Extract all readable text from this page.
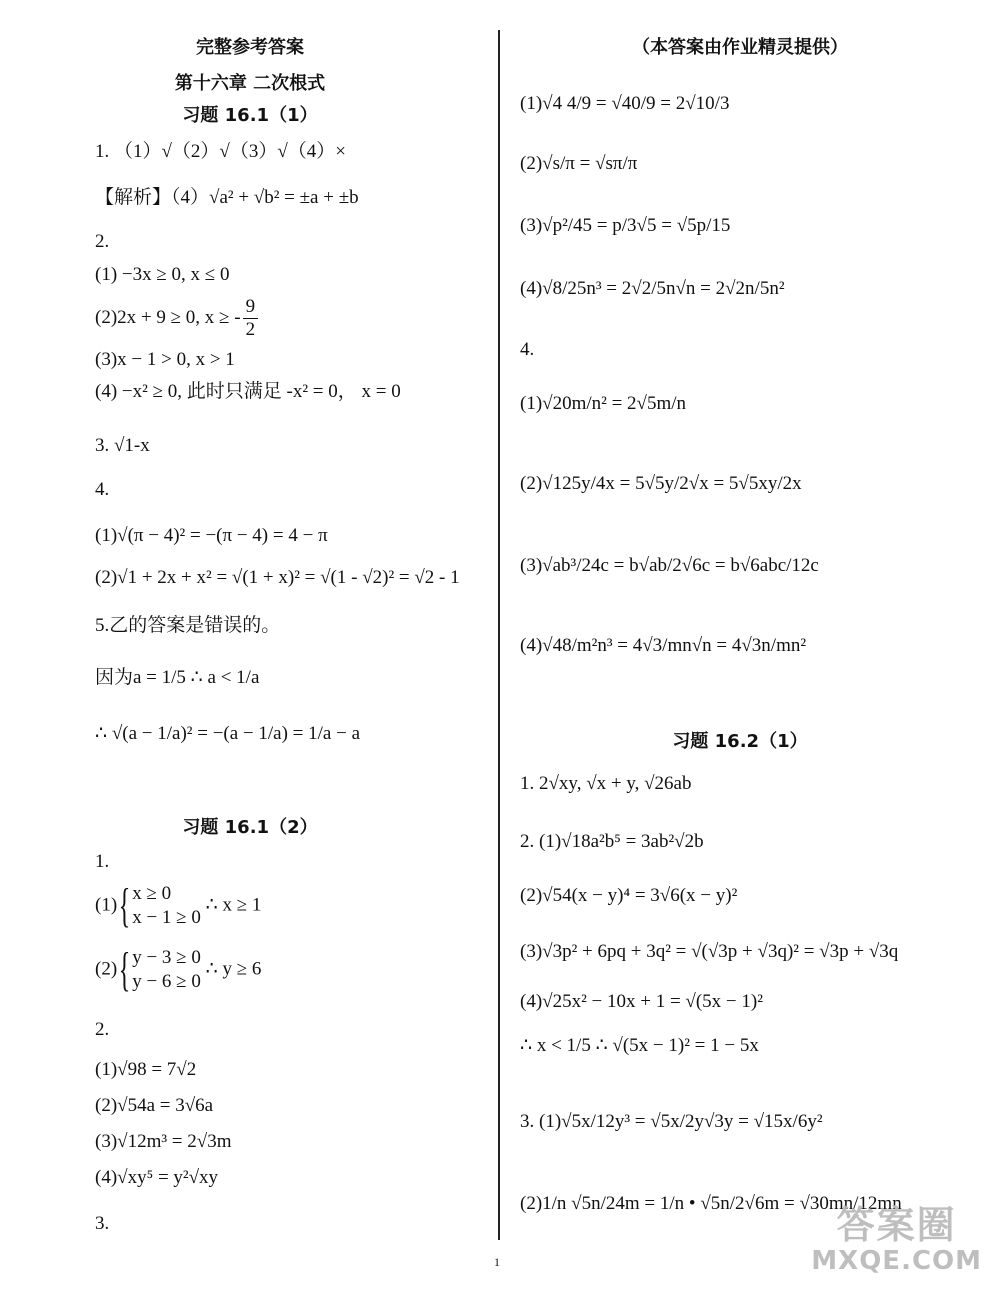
完整参考答案
第十六章 二次根式
习题 16.1（1）
1. （1）√（2）√（3）√（4）×
【解析】（4）√a² + √b² = ±a + ±b
2.
(1) −3x ≥ 0, x ≤ 0
(2)2x + 9 ≥ 0, x ≥ - $\frac{9}{2}$
(3)x − 1 > 0, x > 1
(4) −x² ≥ 0, 此时只满足 -x² = 0， x = 0
3. √1-x
4.
(1)√(π − 4)² = −(π − 4) = 4 − π
(2)√1 + 2x + x² = √(1 + x)² = √(1 - √2)² = √2 - 1
5.乙的答案是错误的。
因为a = 1/5 ∴ a < 1/a
∴ √(a − 1/a)² = −(a − 1/a) = 1/a − a
习题 16.1（2）
1.
(1){ x ≥ 0
x − 1 ≥ 0
∴ x ≥ 1
(2){ y − 3 ≥ 0
y − 6 ≥ 0
∴ y ≥ 6
2.
(1)√98 = 7√2
(2)√54a = 3√6a
(3)√12m³ = 2√3m
(4)√xy⁵ = y²√xy
3.
（本答案由作业精灵提供）
(1)√4 4/9 = √40/9 = 2√10/3
(2)√s/π = √sπ/π
(3)√p²/45 = p/3√5 = √5p/15
(4)√8/25n³ = 2√2/5n√n = 2√2n/5n²
4.
(1)√20m/n² = 2√5m/n
(2)√125y/4x = 5√5y/2√x = 5√5xy/2x
(3)√ab³/24c = b√ab/2√6c = b√6abc/12c
(4)√48/m²n³ = 4√3/mn√n = 4√3n/mn²
习题 16.2（1）
1. 2√xy, √x + y, √26ab
2. (1)√18a²b⁵ = 3ab²√2b
(2)√54(x − y)⁴ = 3√6(x − y)²
(3)√3p² + 6pq + 3q² = √(√3p + √3q)² = √3p + √3q
(4)√25x² − 10x + 1 = √(5x − 1)²
∴ x < 1/5 ∴ √(5x − 1)² = 1 − 5x
3. (1)√5x/12y³ = √5x/2y√3y = √15x/6y²
(2)1/n √5n/24m = 1/n • √5n/2√6m = √30mn/12mn
1
答案圈
MXQE.COM
